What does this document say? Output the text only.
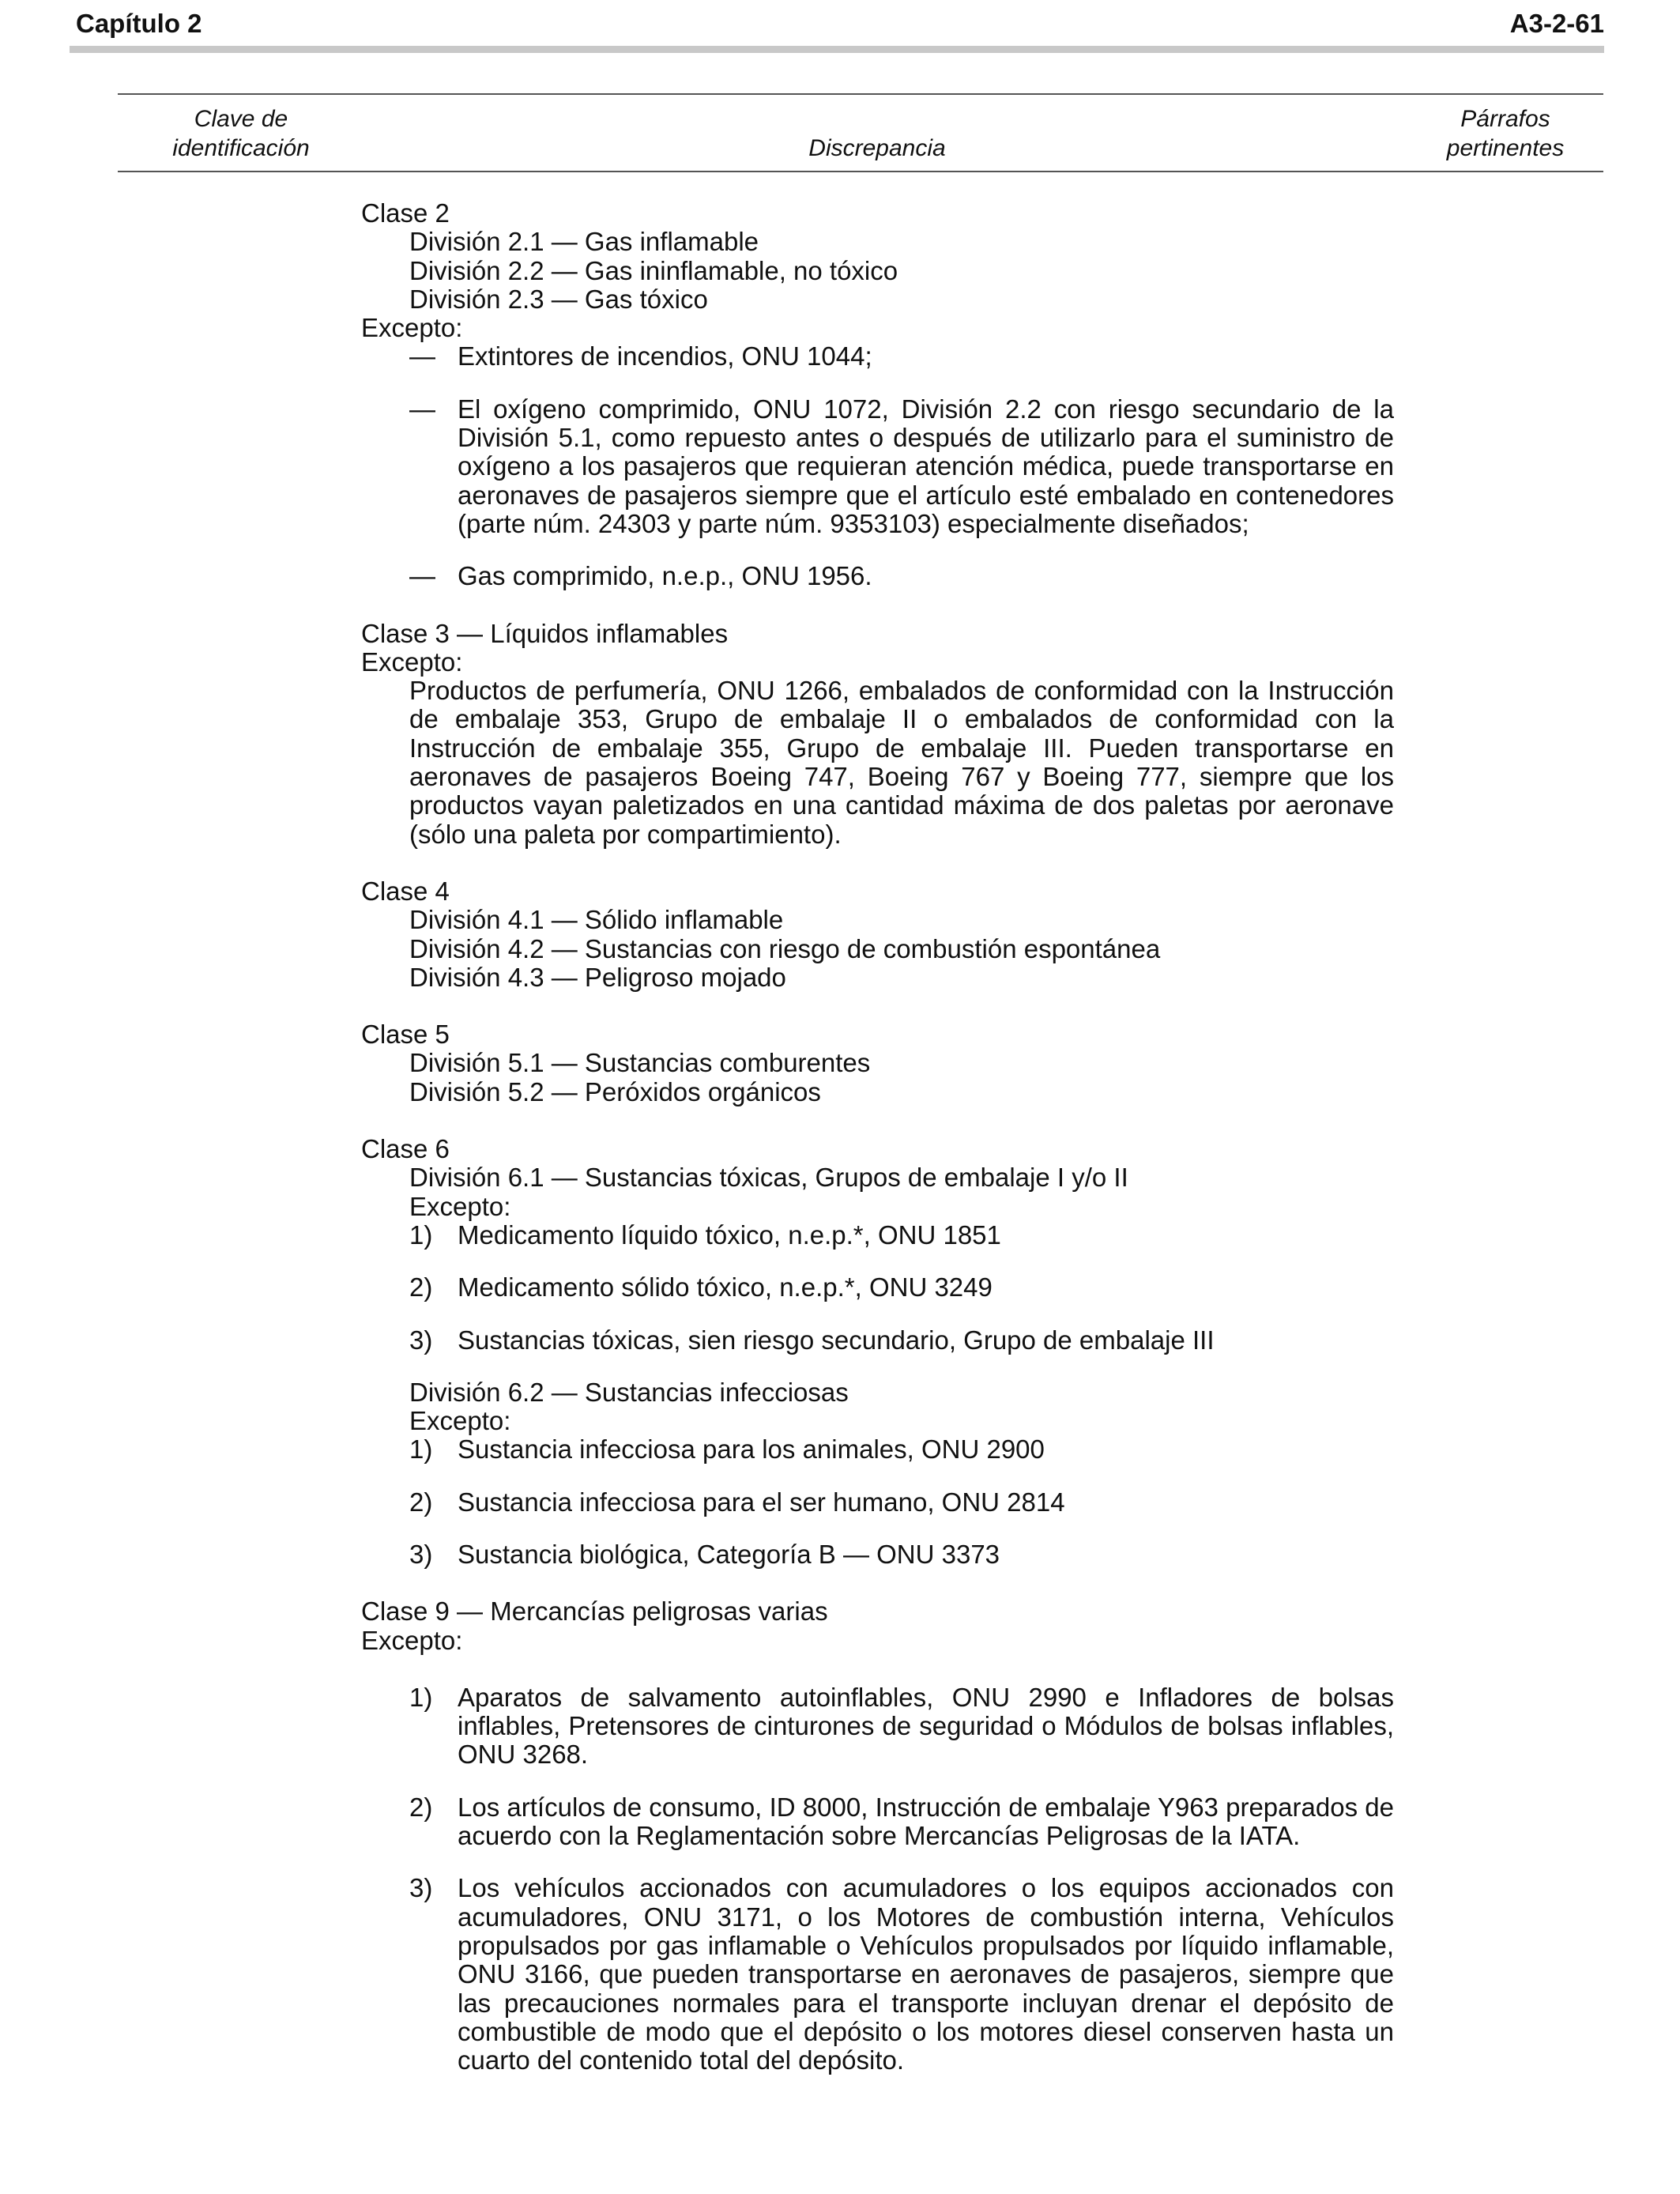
Capítulo 2	A3-2-61
Clave de
identificación	Discrepancia
Párrafos
pertinentes

Clase 2

División 2.1 — Gas inflamable

División 2.2 — Gas ininflamable, no tóxico

División 2.3 — Gas tóxico

Excepto:

— Extintores de incendios, ONU 1044;

— El oxígeno comprimido, ONU 1072, División 2.2 con riesgo secundario de la División 5.1, como repuesto antes o después de utilizarlo para el suministro de oxígeno a los pasajeros que requieran atención médica, puede transportarse en aeronaves de pasajeros siempre que el artículo esté embalado en contenedores (parte núm. 24303 y parte núm. 9353103) especialmente diseñados;

— Gas comprimido, n.e.p., ONU 1956.

Clase 3 — Líquidos inflamables

Excepto:

Productos de perfumería, ONU 1266, embalados de conformidad con la Instrucción de embalaje 353, Grupo de embalaje II o embalados de conformidad con la Instrucción de embalaje 355, Grupo de embalaje III. Pueden transportarse en aeronaves de pasajeros Boeing 747, Boeing 767 y Boeing 777, siempre que los productos vayan paletizados en una cantidad máxima de dos paletas por aeronave (sólo una paleta por compartimiento).

Clase 4

División 4.1 — Sólido inflamable

División 4.2 — Sustancias con riesgo de combustión espontánea

División 4.3 — Peligroso mojado

Clase 5

División 5.1 — Sustancias comburentes

División 5.2 — Peróxidos orgánicos

Clase 6

División 6.1 — Sustancias tóxicas, Grupos de embalaje I y/o II

Excepto:

1) Medicamento líquido tóxico, n.e.p.*, ONU 1851

2) Medicamento sólido tóxico, n.e.p.*, ONU 3249

3) Sustancias tóxicas, sien riesgo secundario, Grupo de embalaje III

División 6.2 — Sustancias infecciosas

Excepto:

1) Sustancia infecciosa para los animales, ONU 2900

2) Sustancia infecciosa para el ser humano, ONU 2814

3) Sustancia biológica, Categoría B — ONU 3373

Clase 9 — Mercancías peligrosas varias

Excepto:

1) Aparatos de salvamento autoinflables, ONU 2990 e Infladores de bolsas inflables, Pretensores de cinturones de seguridad o Módulos de bolsas inflables, ONU 3268.

2) Los artículos de consumo, ID 8000, Instrucción de embalaje Y963 preparados de acuerdo con la Reglamentación sobre Mercancías Peligrosas de la IATA.

3) Los vehículos accionados con acumuladores o los equipos accionados con acumuladores, ONU 3171, o los Motores de combustión interna, Vehículos propulsados por gas inflamable o Vehículos propulsados por líquido inflamable, ONU 3166, que pueden transportarse en aeronaves de pasajeros, siempre que las precauciones normales para el transporte incluyan drenar el depósito de combustible de modo que el depósito o los motores diesel conserven hasta un cuarto del contenido total del depósito.
